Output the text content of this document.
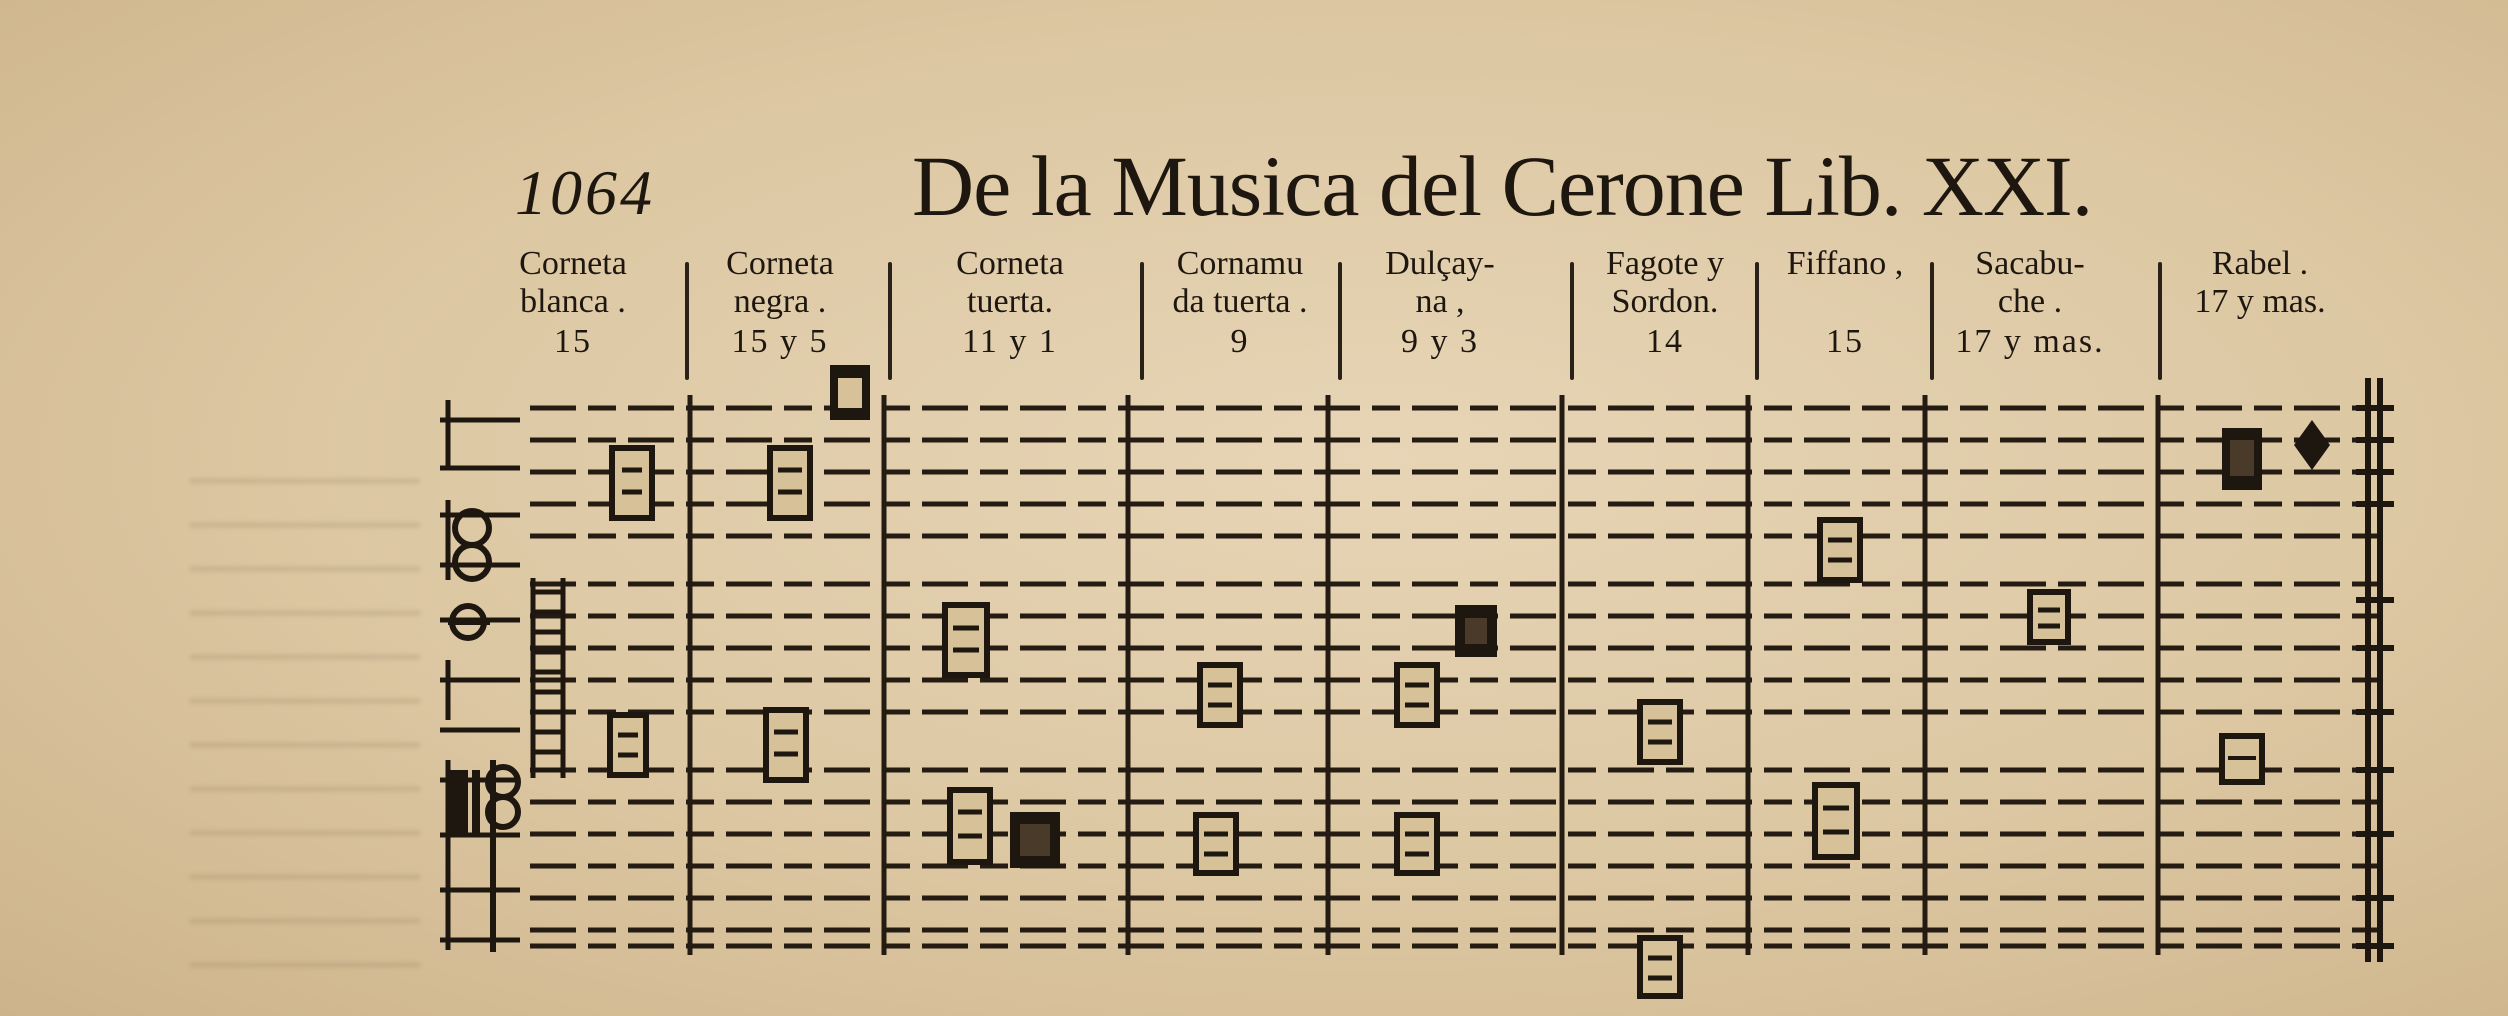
1064	De la Musica del Cerone Lib. XXI.
Corneta
blanca .
15
Corneta
negra .
15 y 5
Corneta
tuerta.
11 y 1
Cornamu
da tuerta .
9
Dulçay-
na ,
9 y 3
Fagote y
Sordon.
14
Fiffano ,
15
Sacabu-
che .
17 y mas.
Rabel .
17 y mas.
